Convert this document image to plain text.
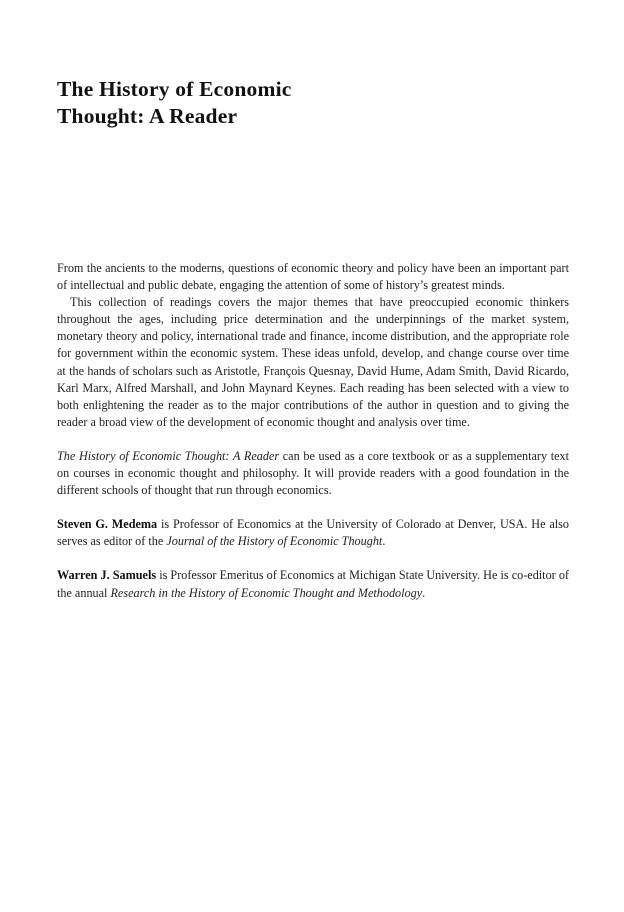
The History of Economic
Thought: A Reader

From the ancients to the moderns, questions of economic theory and policy have been an important part of intellectual and public debate, engaging the attention of some of history’s greatest minds.

This collection of readings covers the major themes that have preoccupied economic thinkers throughout the ages, including price determination and the underpinnings of the market system, monetary theory and policy, international trade and finance, income distribution, and the appropriate role for government within the economic system. These ideas unfold, develop, and change course over time at the hands of scholars such as Aristotle, François Quesnay, David Hume, Adam Smith, David Ricardo, Karl Marx, Alfred Marshall, and John Maynard Keynes. Each reading has been selected with a view to both enlightening the reader as to the major contributions of the author in question and to giving the reader a broad view of the development of economic thought and analysis over time.

The History of Economic Thought: A Reader can be used as a core textbook or as a supplementary text on courses in economic thought and philosophy. It will provide readers with a good foundation in the different schools of thought that run through economics.

Steven G. Medema is Professor of Economics at the University of Colorado at Denver, USA. He also serves as editor of the Journal of the History of Economic Thought.

Warren J. Samuels is Professor Emeritus of Economics at Michigan State University. He is co-editor of the annual Research in the History of Economic Thought and Methodology.
